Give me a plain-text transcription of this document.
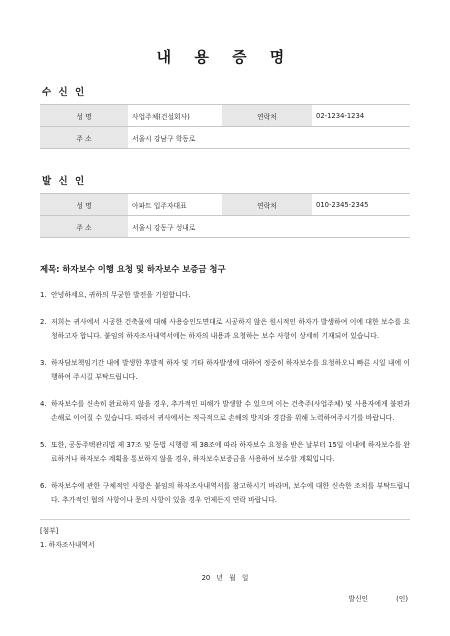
내 용 증 명
수 신 인
성 명	사업주체(건설회사)	연락처	02-1234-1234
주 소	서울시 강남구 학동로		
발 신 인
성 명	아파트 입주자대표	연락처	010-2345-2345
주 소	서울시 강동구 성내로		
제목: 하자보수 이행 요청 및 하자보수 보증금 청구
1. 안녕하세요, 귀하의 무궁한 발전을 기원합니다.
2. 저희는 귀사에서 시공한 건축물에 대해 사용승인도면대로 시공하지 않은 원시적인 하자가 발생하여 이에 대한 보수를 요청하고자 합니다. 붙임의 하자조사내역서에는 하자의 내용과 요청하는 보수 사항이 상세히 기재되어 있습니다.
3. 하자담보책임기간 내에 발생한 후발적 하자 및 기타 하자발생에 대하여 정중히 하자보수를 요청하오니 빠른 시일 내에 이행하여 주시길 부탁드립니다.
4. 하자보수를 신속히 완료하지 않을 경우, 추가적인 피해가 발생할 수 있으며 이는 건축주(사업주체) 및 사용자에게 불편과 손해로 이어질 수 있습니다. 따라서 귀사에서는 적극적으로 손해의 방지와 경감을 위해 노력하여주시기를 바랍니다.
5. 또한, 공동주택관리법 제 37조 및 동법 시행령 제 38조에 따라 하자보수 요청을 받은 날부터 15일 이내에 하자보수를 완료하거나 하자보수 계획을 통보하지 않을 경우, 하자보수보증금을 사용하여 보수할 계획입니다.
6. 하자보수에 관한 구체적인 사항은 붙임의 하자조사내역서를 참고하시기 바라며, 보수에 대한 신속한 조치를 부탁드립니다. 추가적인 협의 사항이나 문의 사항이 있을 경우 언제든지 연락 바랍니다.
[첨부]
1. 하자조사내역서
20 년 월 일
발신인	(인)
